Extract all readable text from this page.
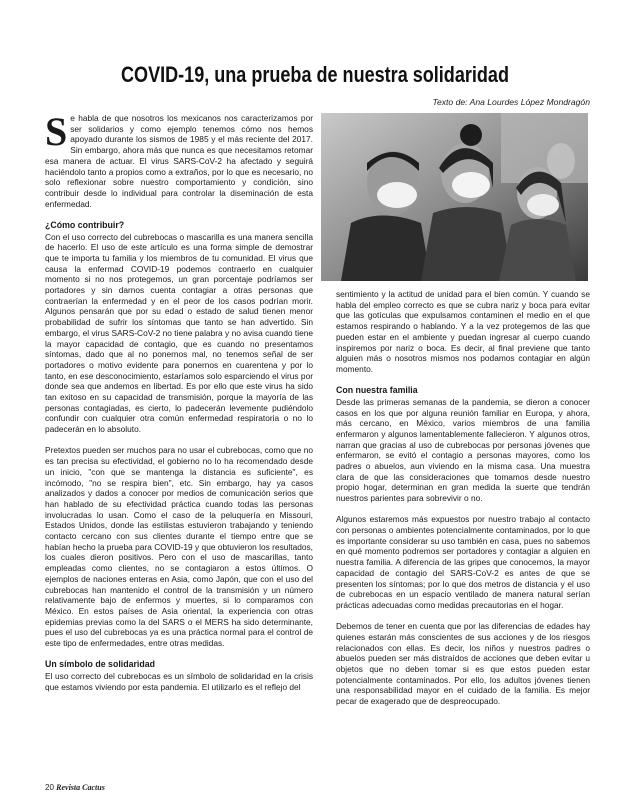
COVID-19, una prueba de nuestra solidaridad
Texto de: Ana Lourdes López Mondragón

S e habla de que nosotros los mexicanos nos caracterizamos por ser solidarios y como ejemplo tenemos cómo nos hemos apoyado durante los sismos de 1985 y el más reciente del 2017. Sin embargo, ahora más que nunca es que necesitamos retomar esa manera de actuar. El virus SARS-CoV-2 ha afectado y seguirá haciéndolo tanto a propios como a extraños, por lo que es necesario, no solo reflexionar sobre nuestro comportamiento y condición, sino contribuir desde lo individual para controlar la diseminación de esta enfermedad.

¿Cómo contribuir?

Con el uso correcto del cubrebocas o mascarilla es una manera sencilla de hacerlo. El uso de este artículo es una forma simple de demostrar que te importa tu familia y los miembros de tu comunidad. El virus que causa la enfermad COVID-19 podemos contraerlo en cualquier momento si no nos protegemos, un gran porcentaje podríamos ser portadores y sin darnos cuenta contagiar a otras personas que contraerían la enfermedad y en el peor de los casos podrían morir. Algunos pensarán que por su edad o estado de salud tienen menor probabilidad de sufrir los síntomas que tanto se han advertido. Sin embargo, el virus SARS-CoV-2 no tiene palabra y no avisa cuando tiene la mayor capacidad de contagio, que es cuando no presentamos síntomas, dado que al no ponernos mal, no tenemos señal de ser portadores o motivo evidente para ponernos en cuarentena y por lo tanto, en ese desconocimiento, estaríamos solo esparciendo el virus por donde sea que andemos en libertad. Es por ello que este virus ha sido tan exitoso en su capacidad de transmisión, porque la mayoría de las personas contagiadas, es cierto, lo padecerán levemente pudiéndolo confundir con cualquier otra común enfermedad respiratoria o no lo padecerán en lo absoluto.

Pretextos pueden ser muchos para no usar el cubrebocas, como que no es tan precisa su efectividad, el gobierno no lo ha recomendado desde un inicio, "con que se mantenga la distancia es suficiente", es incómodo, "no se respira bien", etc. Sin embargo, hay ya casos analizados y dados a conocer por medios de comunicación serios que han hablado de su efectividad práctica cuando todas las personas involucradas lo usan. Como el caso de la peluquería en Missouri, Estados Unidos, donde las estilistas estuvieron trabajando y teniendo contacto cercano con sus clientes durante el tiempo entre que se habían hecho la prueba para COVID-19 y que obtuvieron los resultados, los cuales dieron positivos. Pero con el uso de mascarillas, tanto empleadas como clientes, no se contagiaron a estos últimos. O ejemplos de naciones enteras en Asia, como Japón, que con el uso del cubrebocas han mantenido el control de la transmisión y un número relativamente bajo de enfermos y muertes, si lo comparamos con México. En estos países de Asia oriental, la experiencia con otras epidemias previas como la del SARS o el MERS ha sido determinante, pues el uso del cubrebocas ya es una práctica normal para el control de este tipo de enfermedades, entre otras medidas.

Un símbolo de solidaridad

El uso correcto del cubrebocas es un símbolo de solidaridad en la crisis que estamos viviendo por esta pandemia. El utilizarlo es el reflejo del

sentimiento y la actitud de unidad para el bien común. Y cuando se habla del empleo correcto es que se cubra nariz y boca para evitar que las gotículas que expulsamos contaminen el medio en el que estamos respirando o hablando. Y a la vez protegemos de las que pueden estar en el ambiente y puedan ingresar al cuerpo cuando inspiremos por nariz o boca. Es decir, al final previene que tanto alguien más o nosotros mismos nos podamos contagiar en algún momento.

Con nuestra familia

Desde las primeras semanas de la pandemia, se dieron a conocer casos en los que por alguna reunión familiar en Europa, y ahora, más cercano, en México, varios miembros de una familia enfermaron y algunos lamentablemente fallecieron. Y algunos otros, narran que gracias al uso de cubrebocas por personas jóvenes que enfermaron, se evitó el contagio a personas mayores, como los padres o abuelos, aun viviendo en la misma casa. Una muestra clara de que las consideraciones que tomamos desde nuestro propio hogar, determinan en gran medida la suerte que tendrán nuestros parientes para sobrevivir o no.

Algunos estaremos más expuestos por nuestro trabajo al contacto con personas o ambientes potencialmente contaminados, por lo que es importante considerar su uso también en casa, pues no sabemos en qué momento podremos ser portadores y contagiar a alguien en nuestra familia. A diferencia de las gripes que conocemos, la mayor capacidad de contagio del SARS-CoV-2 es antes de que se presenten los síntomas; por lo que dos metros de distancia y el uso de cubrebocas en un espacio ventilado de manera natural serían prácticas adecuadas como medidas precautorias en el hogar.

Debemos de tener en cuenta que por las diferencias de edades hay quienes estarán más conscientes de sus acciones y de los riesgos relacionados con ellas. Es decir, los niños y nuestros padres o abuelos pueden ser más distraídos de acciones que deben evitar u objetos que no deben tomar si es que estos pueden estar potencialmente contaminados. Por ello, los adultos jóvenes tienen una responsabilidad mayor en el cuidado de la familia. Es mejor pecar de exagerado que de despreocupado.

20 Revista Cactus
